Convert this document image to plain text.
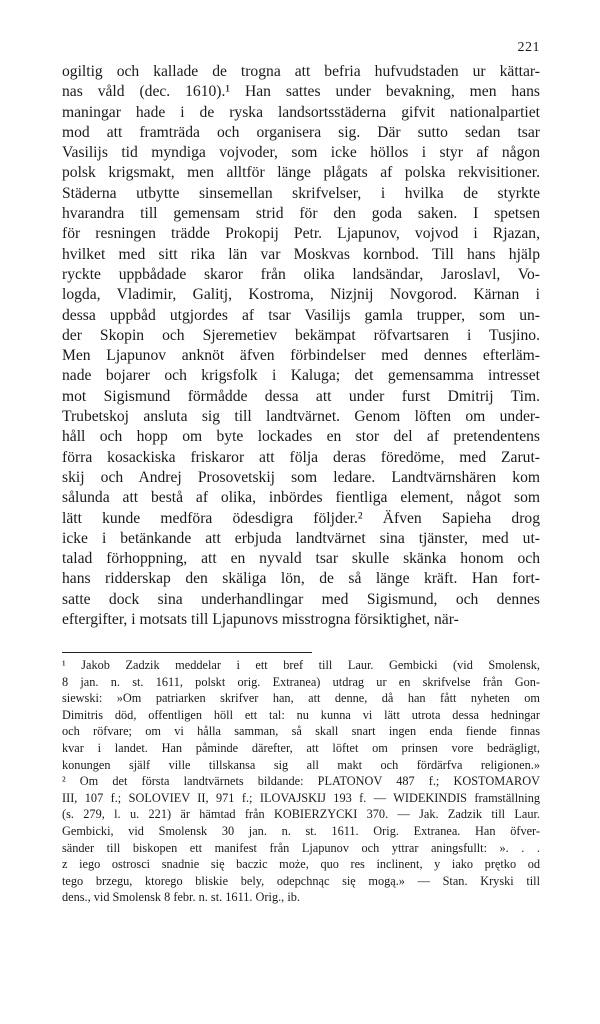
221
ogiltig och kallade de trogna att befria hufvudstaden ur kättar-
nas våld (dec. 1610).¹ Han sattes under bevakning, men hans
maningar hade i de ryska landsortsstäderna gifvit nationalpartiet
mod att framträda och organisera sig. Där sutto sedan tsar
Vasilijs tid myndiga vojvoder, som icke höllos i styr af någon
polsk krigsmakt, men alltför länge plågats af polska rekvisitioner.
Städerna utbytte sinsemellan skrifvelser, i hvilka de styrkte
hvarandra till gemensam strid för den goda saken. I spetsen
för resningen trädde Prokopij Petr. Ljapunov, vojvod i Rjazan,
hvilket med sitt rika län var Moskvas kornbod. Till hans hjälp
ryckte uppbådade skaror från olika landsändar, Jaroslavl, Vo-
logda, Vladimir, Galitj, Kostroma, Nizjnij Novgorod. Kärnan i
dessa uppbåd utgjordes af tsar Vasilijs gamla trupper, som un-
der Skopin och Sjeremetiev bekämpat röfvartsaren i Tusjino.
Men Ljapunov anknöt äfven förbindelser med dennes efterläm-
nade bojarer och krigsfolk i Kaluga; det gemensamma intresset
mot Sigismund förmådde dessa att under furst Dmitrij Tim.
Trubetskoj ansluta sig till landtvärnet. Genom löften om under-
håll och hopp om byte lockades en stor del af pretendentens
förra kosackiska friskaror att följa deras föredöme, med Zarut-
skij och Andrej Prosovetskij som ledare. Landtvärnshären kom
sålunda att bestå af olika, inbördes fientliga element, något som
lätt kunde medföra ödesdigra följder.² Äfven Sapieha drog
icke i betänkande att erbjuda landtvärnet sina tjänster, med ut-
talad förhoppning, att en nyvald tsar skulle skänka honom och
hans ridderskap den skäliga lön, de så länge kräft. Han fort-
satte dock sina underhandlingar med Sigismund, och dennes
eftergifter, i motsats till Ljapunovs misstrogna försiktighet, när-
¹ Jakob Zadzik meddelar i ett bref till Laur. Gembicki (vid Smolensk,
8 jan. n. st. 1611, polskt orig. Extranea) utdrag ur en skrifvelse från Gon-
siewski: »Om patriarken skrifver han, att denne, då han fått nyheten om
Dimitris död, offentligen höll ett tal: nu kunna vi lätt utrota dessa hedningar
och röfvare; om vi hålla samman, så skall snart ingen enda fiende finnas
kvar i landet. Han påminde därefter, att löftet om prinsen vore bedrägligt,
konungen själf ville tillskansa sig all makt och fördärfva religionen.»
² Om det första landtvärnets bildande: PLATONOV 487 f.; KOSTOMAROV
III, 107 f.; SOLOVIEV II, 971 f.; ILOVAJSKIJ 193 f. — WIDEKINDIS framställning
(s. 279, l. u. 221) är hämtad från KOBIERZYCKI 370. — Jak. Zadzik till Laur.
Gembicki, vid Smolensk 30 jan. n. st. 1611. Orig. Extranea. Han öfver-
sänder till biskopen ett manifest från Ljapunov och yttrar aningsfullt: ». . .
z iego ostrosci snadnie się baczic może, quo res inclinent, y iako prętko od
tego brzegu, ktorego bliskie bely, odepchnąc się mogą.» — Stan. Kryski till
dens., vid Smolensk 8 febr. n. st. 1611. Orig., ib.
